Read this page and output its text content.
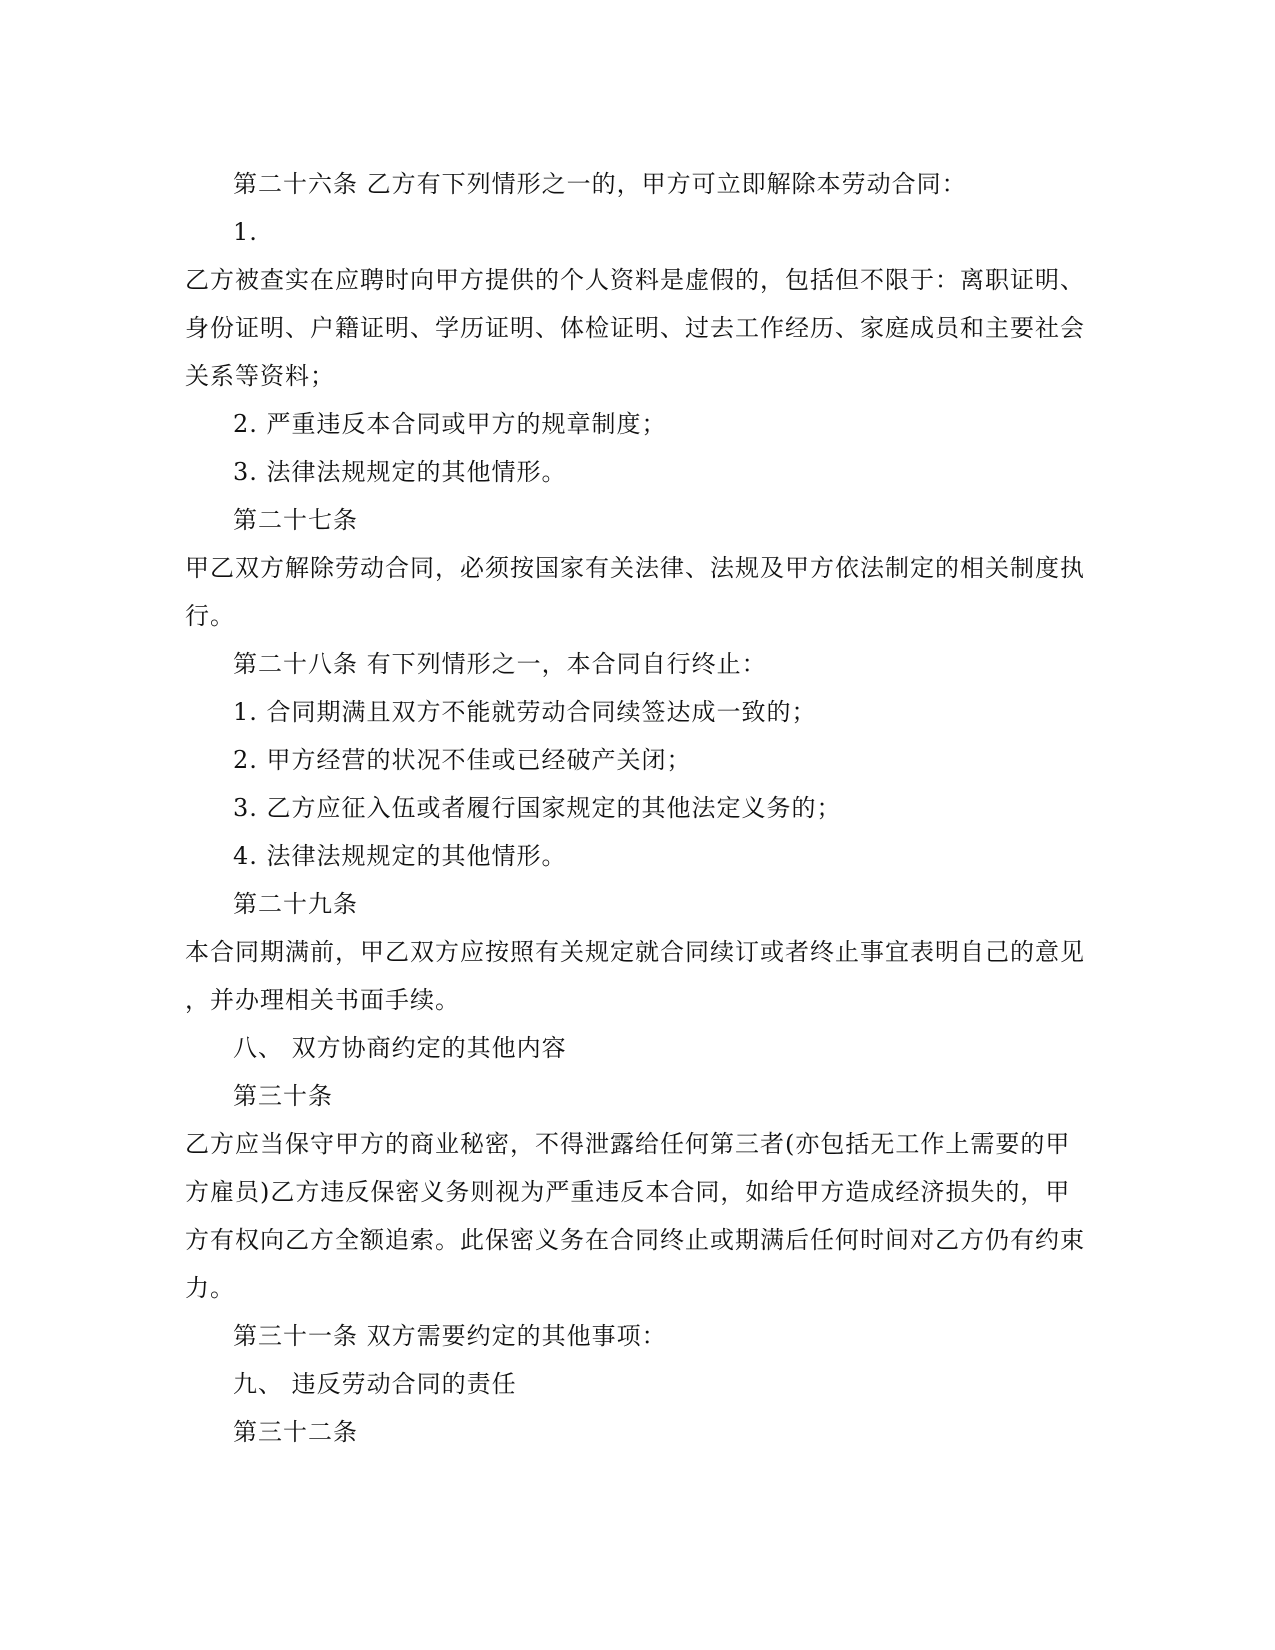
第二十六条 乙方有下列情形之一的，甲方可立即解除本劳动合同：
1.
乙方被查实在应聘时向甲方提供的个人资料是虚假的，包括但不限于：离职证明、
身份证明、户籍证明、学历证明、体检证明、过去工作经历、家庭成员和主要社会
关系等资料；
2. 严重违反本合同或甲方的规章制度；
3. 法律法规规定的其他情形。
第二十七条
甲乙双方解除劳动合同，必须按国家有关法律、法规及甲方依法制定的相关制度执
行。
第二十八条 有下列情形之一，本合同自行终止：
1. 合同期满且双方不能就劳动合同续签达成一致的；
2. 甲方经营的状况不佳或已经破产关闭；
3. 乙方应征入伍或者履行国家规定的其他法定义务的；
4. 法律法规规定的其他情形。
第二十九条
本合同期满前，甲乙双方应按照有关规定就合同续订或者终止事宜表明自己的意见
，并办理相关书面手续。
八、 双方协商约定的其他内容
第三十条
乙方应当保守甲方的商业秘密，不得泄露给任何第三者(亦包括无工作上需要的甲
方雇员)乙方违反保密义务则视为严重违反本合同，如给甲方造成经济损失的，甲
方有权向乙方全额追索。此保密义务在合同终止或期满后任何时间对乙方仍有约束
力。
第三十一条 双方需要约定的其他事项：
九、 违反劳动合同的责任
第三十二条
